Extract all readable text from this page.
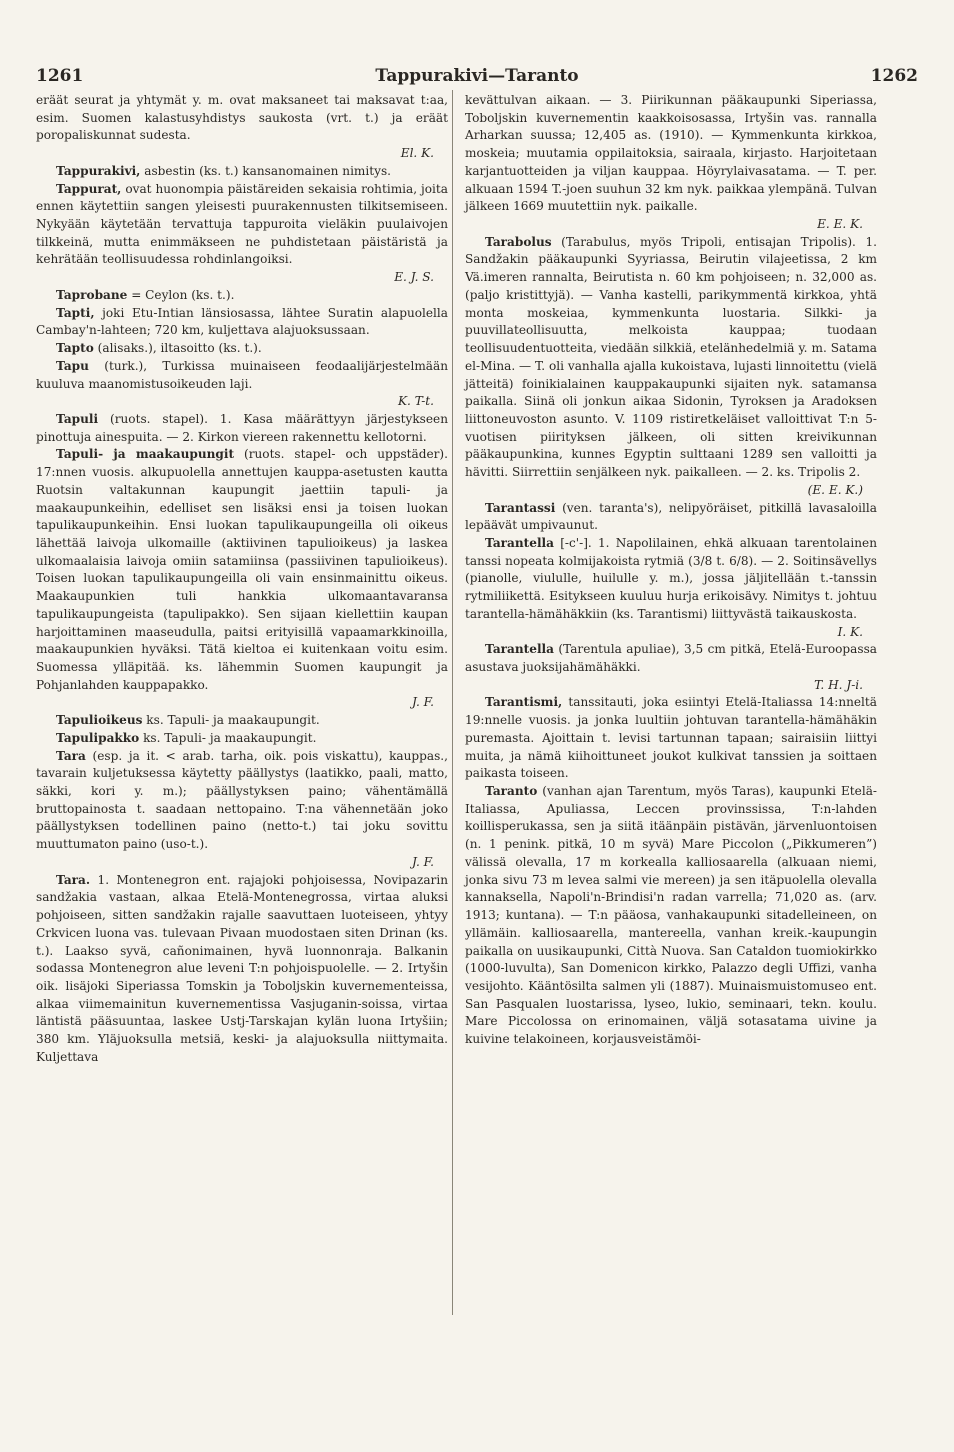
1261	Tappurakivi—Taranto	1262

eräät seurat ja yhtymät y. m. ovat maksaneet tai maksavat t:aa, esim. Suomen kalastusyhdistys saukosta (vrt. t.) ja eräät poropaliskunnat sudesta.

El. K.

Tappurakivi, asbestin (ks. t.) kansanomainen nimitys.

Tappurat, ovat huonompia päistäreiden sekaisia rohtimia, joita ennen käytettiin sangen yleisesti puurakennusten tilkitsemiseen. Nykyään käytetään tervattuja tappuroita vieläkin puulaivojen tilkkeinä, mutta enimmäkseen ne puhdistetaan päistäristä ja kehrätään teollisuudessa rohdinlangoiksi.

E. J. S.

Taprobane = Ceylon (ks. t.).

Tapti, joki Etu-Intian länsiosassa, lähtee Suratin alapuolella Cambay'n-lahteen; 720 km, kuljettava alajuoksussaan.

Tapto (alisaks.), iltasoitto (ks. t.).

Tapu (turk.), Turkissa muinaiseen feodaalijärjestelmään kuuluva maanomistusoikeuden laji.

K. T-t.

Tapuli (ruots. stapel). 1. Kasa määrättyyn järjestykseen pinottuja ainespuita. — 2. Kirkon viereen rakennettu kellotorni.

Tapuli- ja maakaupungit (ruots. stapel- och uppstäder). 17:nnen vuosis. alkupuolella annettujen kauppa-asetusten kautta Ruotsin valtakunnan kaupungit jaettiin tapuli- ja maakaupunkeihin, edelliset sen lisäksi ensi ja toisen luokan tapulikaupunkeihin. Ensi luokan tapulikaupungeilla oli oikeus lähettää laivoja ulkomaille (aktiivinen tapulioikeus) ja laskea ulkomaalaisia laivoja omiin satamiinsa (passiivinen tapulioikeus). Toisen luokan tapulikaupungeilla oli vain ensinmainittu oikeus. Maakaupunkien tuli hankkia ulkomaantavaransa tapulikaupungeista (tapulipakko). Sen sijaan kiellettiin kaupan harjoittaminen maaseudulla, paitsi erityisillä vapaamarkkinoilla, maakaupunkien hyväksi. Tätä kieltoa ei kuitenkaan voitu esim. Suomessa ylläpitää. ks. lähemmin Suomen kaupungit ja Pohjanlahden kauppapakko.

J. F.

Tapulioikeus ks. Tapuli- ja maakaupungit.

Tapulipakko ks. Tapuli- ja maakaupungit.

Tara (esp. ja it. < arab. tarha, oik. pois viskattu), kauppas., tavarain kuljetuksessa käytetty päällystys (laatikko, paali, matto, säkki, kori y. m.); päällystyksen paino; vähentämällä bruttopainosta t. saadaan nettopaino. T:na vähennetään joko päällystyksen todellinen paino (netto-t.) tai joku sovittu muuttumaton paino (uso-t.).

J. F.

Tara. 1. Montenegron ent. rajajoki pohjoisessa, Novipazarin sandžakia vastaan, alkaa Etelä-Montenegrossa, virtaa aluksi pohjoiseen, sitten sandžakin rajalle saavuttaen luoteiseen, yhtyy Crkvicen luona vas. tulevaan Pivaan muodostaen siten Drinan (ks. t.). Laakso syvä, cañonimainen, hyvä luonnonraja. Balkanin sodassa Montenegron alue leveni T:n pohjoispuolelle. — 2. Irtyšin oik. lisäjoki Siperiassa Tomskin ja Toboljskin kuvernementeissa, alkaa viimemainitun kuvernementissa Vasjuganin-soissa, virtaa läntistä pääsuuntaa, laskee Ustj-Tarskajan kylän luona Irtyšiin; 380 km. Yläjuoksulla metsiä, keski- ja alajuoksulla niittymaita. Kuljettava

kevättulvan aikaan. — 3. Piirikunnan pääkaupunki Siperiassa, Toboljskin kuvernementin kaakkoisosassa, Irtyšin vas. rannalla Arharkan suussa; 12,405 as. (1910). — Kymmenkunta kirkkoa, moskeia; muutamia oppilaitoksia, sairaala, kirjasto. Harjoitetaan karjantuotteiden ja viljan kauppaa. Höyrylaivasatama. — T. per. alkuaan 1594 T.-joen suuhun 32 km nyk. paikkaa ylempänä. Tulvan jälkeen 1669 muutettiin nyk. paikalle.

E. E. K.

Tarabolus (Tarabulus, myös Tripoli, entisajan Tripolis). 1. Sandžakin pääkaupunki Syyriassa, Beirutin vilajeetissa, 2 km Vä.imeren rannalta, Beirutista n. 60 km pohjoiseen; n. 32,000 as. (paljo kristittyjä). — Vanha kastelli, parikymmentä kirkkoa, yhtä monta moskeiaa, kymmenkunta luostaria. Silkki- ja puuvillateollisuutta, melkoista kauppaa; tuodaan teollisuudentuotteita, viedään silkkiä, etelänhedelmiä y. m. Satama el-Mina. — T. oli vanhalla ajalla kukoistava, lujasti linnoitettu (vielä jätteitä) foinikialainen kauppakaupunki sijaiten nyk. satamansa paikalla. Siinä oli jonkun aikaa Sidonin, Tyroksen ja Aradoksen liittoneuvoston asunto. V. 1109 ristiretkeläiset valloittivat T:n 5-vuotisen piirityksen jälkeen, oli sitten kreivikunnan pääkaupunkina, kunnes Egyptin sulttaani 1289 sen valloitti ja hävitti. Siirrettiin senjälkeen nyk. paikalleen. — 2. ks. Tripolis 2.

(E. E. K.)

Tarantassi (ven. taranta's), nelipyöräiset, pitkillä lavasaloilla lepäävät umpivaunut.

Tarantella [-c'-]. 1. Napolilainen, ehkä alkuaan tarentolainen tanssi nopeata kolmijakoista rytmiä (3/8 t. 6/8). — 2. Soitinsävellys (pianolle, viululle, huilulle y. m.), jossa jäljitellään t.-tanssin rytmiliikettä. Esitykseen kuuluu hurja erikoisävy. Nimitys t. johtuu tarantella-hämähäkkiin (ks. Tarantismi) liittyvästä taikauskosta.

I. K.

Tarantella (Tarentula apuliae), 3,5 cm pitkä, Etelä-Euroopassa asustava juoksijahämähäkki.

T. H. J-i.

Tarantismi, tanssitauti, joka esiintyi Etelä-Italiassa 14:nneltä 19:nnelle vuosis. ja jonka luultiin johtuvan tarantella-hämähäkin puremasta. Ajoittain t. levisi tartunnan tapaan; sairaisiin liittyi muita, ja nämä kiihoittuneet joukot kulkivat tanssien ja soittaen paikasta toiseen.

Taranto (vanhan ajan Tarentum, myös Taras), kaupunki Etelä-Italiassa, Apuliassa, Leccen provinssissa, T:n-lahden koillisperukassa, sen ja siitä itäänpäin pistävän, järvenluontoisen (n. 1 penink. pitkä, 10 m syvä) Mare Piccolon („Pikkumeren”) välissä olevalla, 17 m korkealla kalliosaarella (alkuaan niemi, jonka sivu 73 m levea salmi vie mereen) ja sen itäpuolella olevalla kannaksella, Napoli'n-Brindisi'n radan varrella; 71,020 as. (arv. 1913; kuntana). — T:n pääosa, vanhakaupunki sitadelleineen, on yllämäin. kalliosaarella, mantereella, vanhan kreik.-kaupungin paikalla on uusikaupunki, Città Nuova. San Cataldon tuomiokirkko (1000-luvulta), San Domenicon kirkko, Palazzo degli Uffizi, vanha vesijohto. Kääntösilta salmen yli (1887). Muinaismuistomuseo ent. San Pasqualen luostarissa, lyseo, lukio, seminaari, tekn. koulu. Mare Piccolossa on erinomainen, väljä sotasatama uivine ja kuivine telakoineen, korjausveistämöi-
